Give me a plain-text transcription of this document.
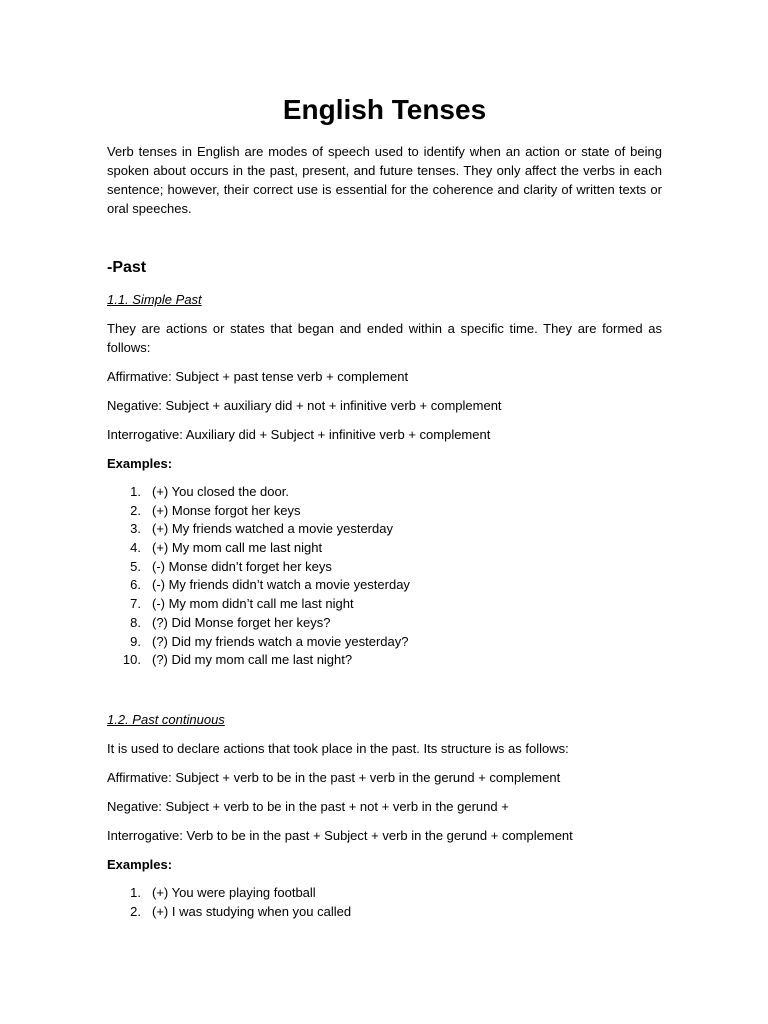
English Tenses

Verb tenses in English are modes of speech used to identify when an action or state of being spoken about occurs in the past, present, and future tenses. They only affect the verbs in each sentence; however, their correct use is essential for the coherence and clarity of written texts or oral speeches.

-Past

1.1. Simple Past

They are actions or states that began and ended within a specific time. They are formed as follows:

Affirmative: Subject + past tense verb + complement

Negative: Subject + auxiliary did + not + infinitive verb + complement

Interrogative: Auxiliary did + Subject + infinitive verb + complement

Examples:

1. (+) You closed the door.
2. (+) Monse forgot her keys
3. (+) My friends watched a movie yesterday
4. (+) My mom call me last night
5. (-) Monse didn’t forget her keys
6. (-) My friends didn’t watch a movie yesterday
7. (-) My mom didn’t call me last night
8. (?) Did Monse forget her keys?
9. (?) Did my friends watch a movie yesterday?
10. (?) Did my mom call me last night?

1.2. Past continuous

It is used to declare actions that took place in the past. Its structure is as follows:

Affirmative: Subject + verb to be in the past + verb in the gerund + complement

Negative: Subject + verb to be in the past + not + verb in the gerund +

Interrogative: Verb to be in the past + Subject + verb in the gerund + complement

Examples:

1. (+) You were playing football
2. (+) I was studying when you called
